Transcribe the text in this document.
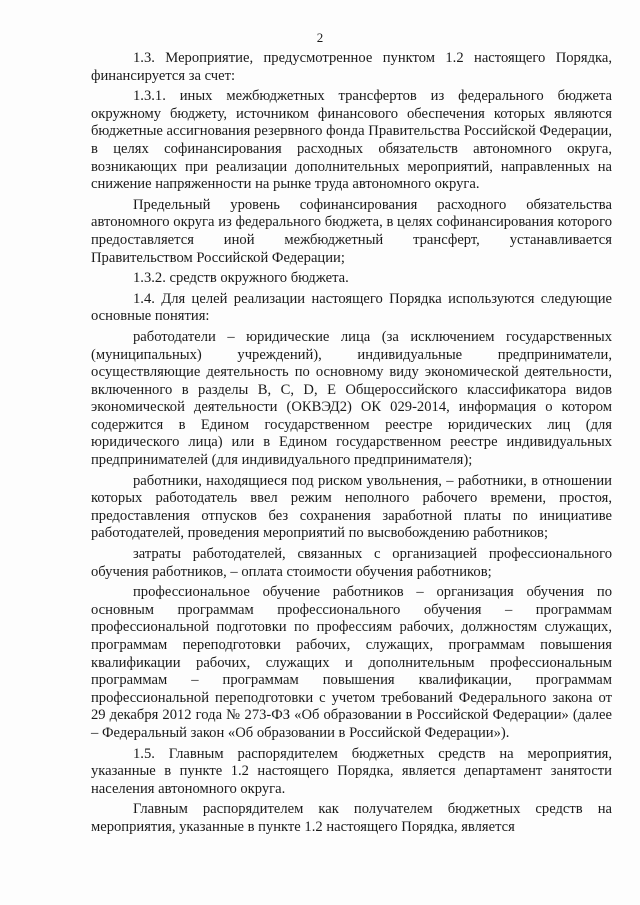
2

1.3. Мероприятие, предусмотренное пунктом 1.2 настоящего Порядка, финансируется за счет:

1.3.1. иных межбюджетных трансфертов из федерального бюджета окружному бюджету, источником финансового обеспечения которых являются бюджетные ассигнования резервного фонда Правительства Российской Федерации, в целях софинансирования расходных обязательств автономного округа, возникающих при реализации дополнительных мероприятий, направленных на снижение напряженности на рынке труда автономного округа.

Предельный уровень софинансирования расходного обязательства автономного округа из федерального бюджета, в целях софинансирования которого предоставляется иной межбюджетный трансферт, устанавливается Правительством Российской Федерации;

1.3.2. средств окружного бюджета.

1.4. Для целей реализации настоящего Порядка используются следующие основные понятия:

работодатели – юридические лица (за исключением государственных (муниципальных) учреждений), индивидуальные предприниматели, осуществляющие деятельность по основному виду экономической деятельности, включенного в разделы B, C, D, E Общероссийского классификатора видов экономической деятельности (ОКВЭД2) ОК 029-2014, информация о котором содержится в Едином государственном реестре юридических лиц (для юридического лица) или в Едином государственном реестре индивидуальных предпринимателей (для индивидуального предпринимателя);

работники, находящиеся под риском увольнения, – работники, в отношении которых работодатель ввел режим неполного рабочего времени, простоя, предоставления отпусков без сохранения заработной платы по инициативе работодателей, проведения мероприятий по высвобождению работников;

затраты работодателей, связанных с организацией профессионального обучения работников, – оплата стоимости обучения работников;

профессиональное обучение работников – организация обучения по основным программам профессионального обучения – программам профессиональной подготовки по профессиям рабочих, должностям служащих, программам переподготовки рабочих, служащих, программам повышения квалификации рабочих, служащих и дополнительным профессиональным программам – программам повышения квалификации, программам профессиональной переподготовки с учетом требований Федерального закона от 29 декабря 2012 года № 273-ФЗ «Об образовании в Российской Федерации» (далее – Федеральный закон «Об образовании в Российской Федерации»).

1.5. Главным распорядителем бюджетных средств на мероприятия, указанные в пункте 1.2 настоящего Порядка, является департамент занятости населения автономного округа.

Главным распорядителем как получателем бюджетных средств на мероприятия, указанные в пункте 1.2 настоящего Порядка, является
